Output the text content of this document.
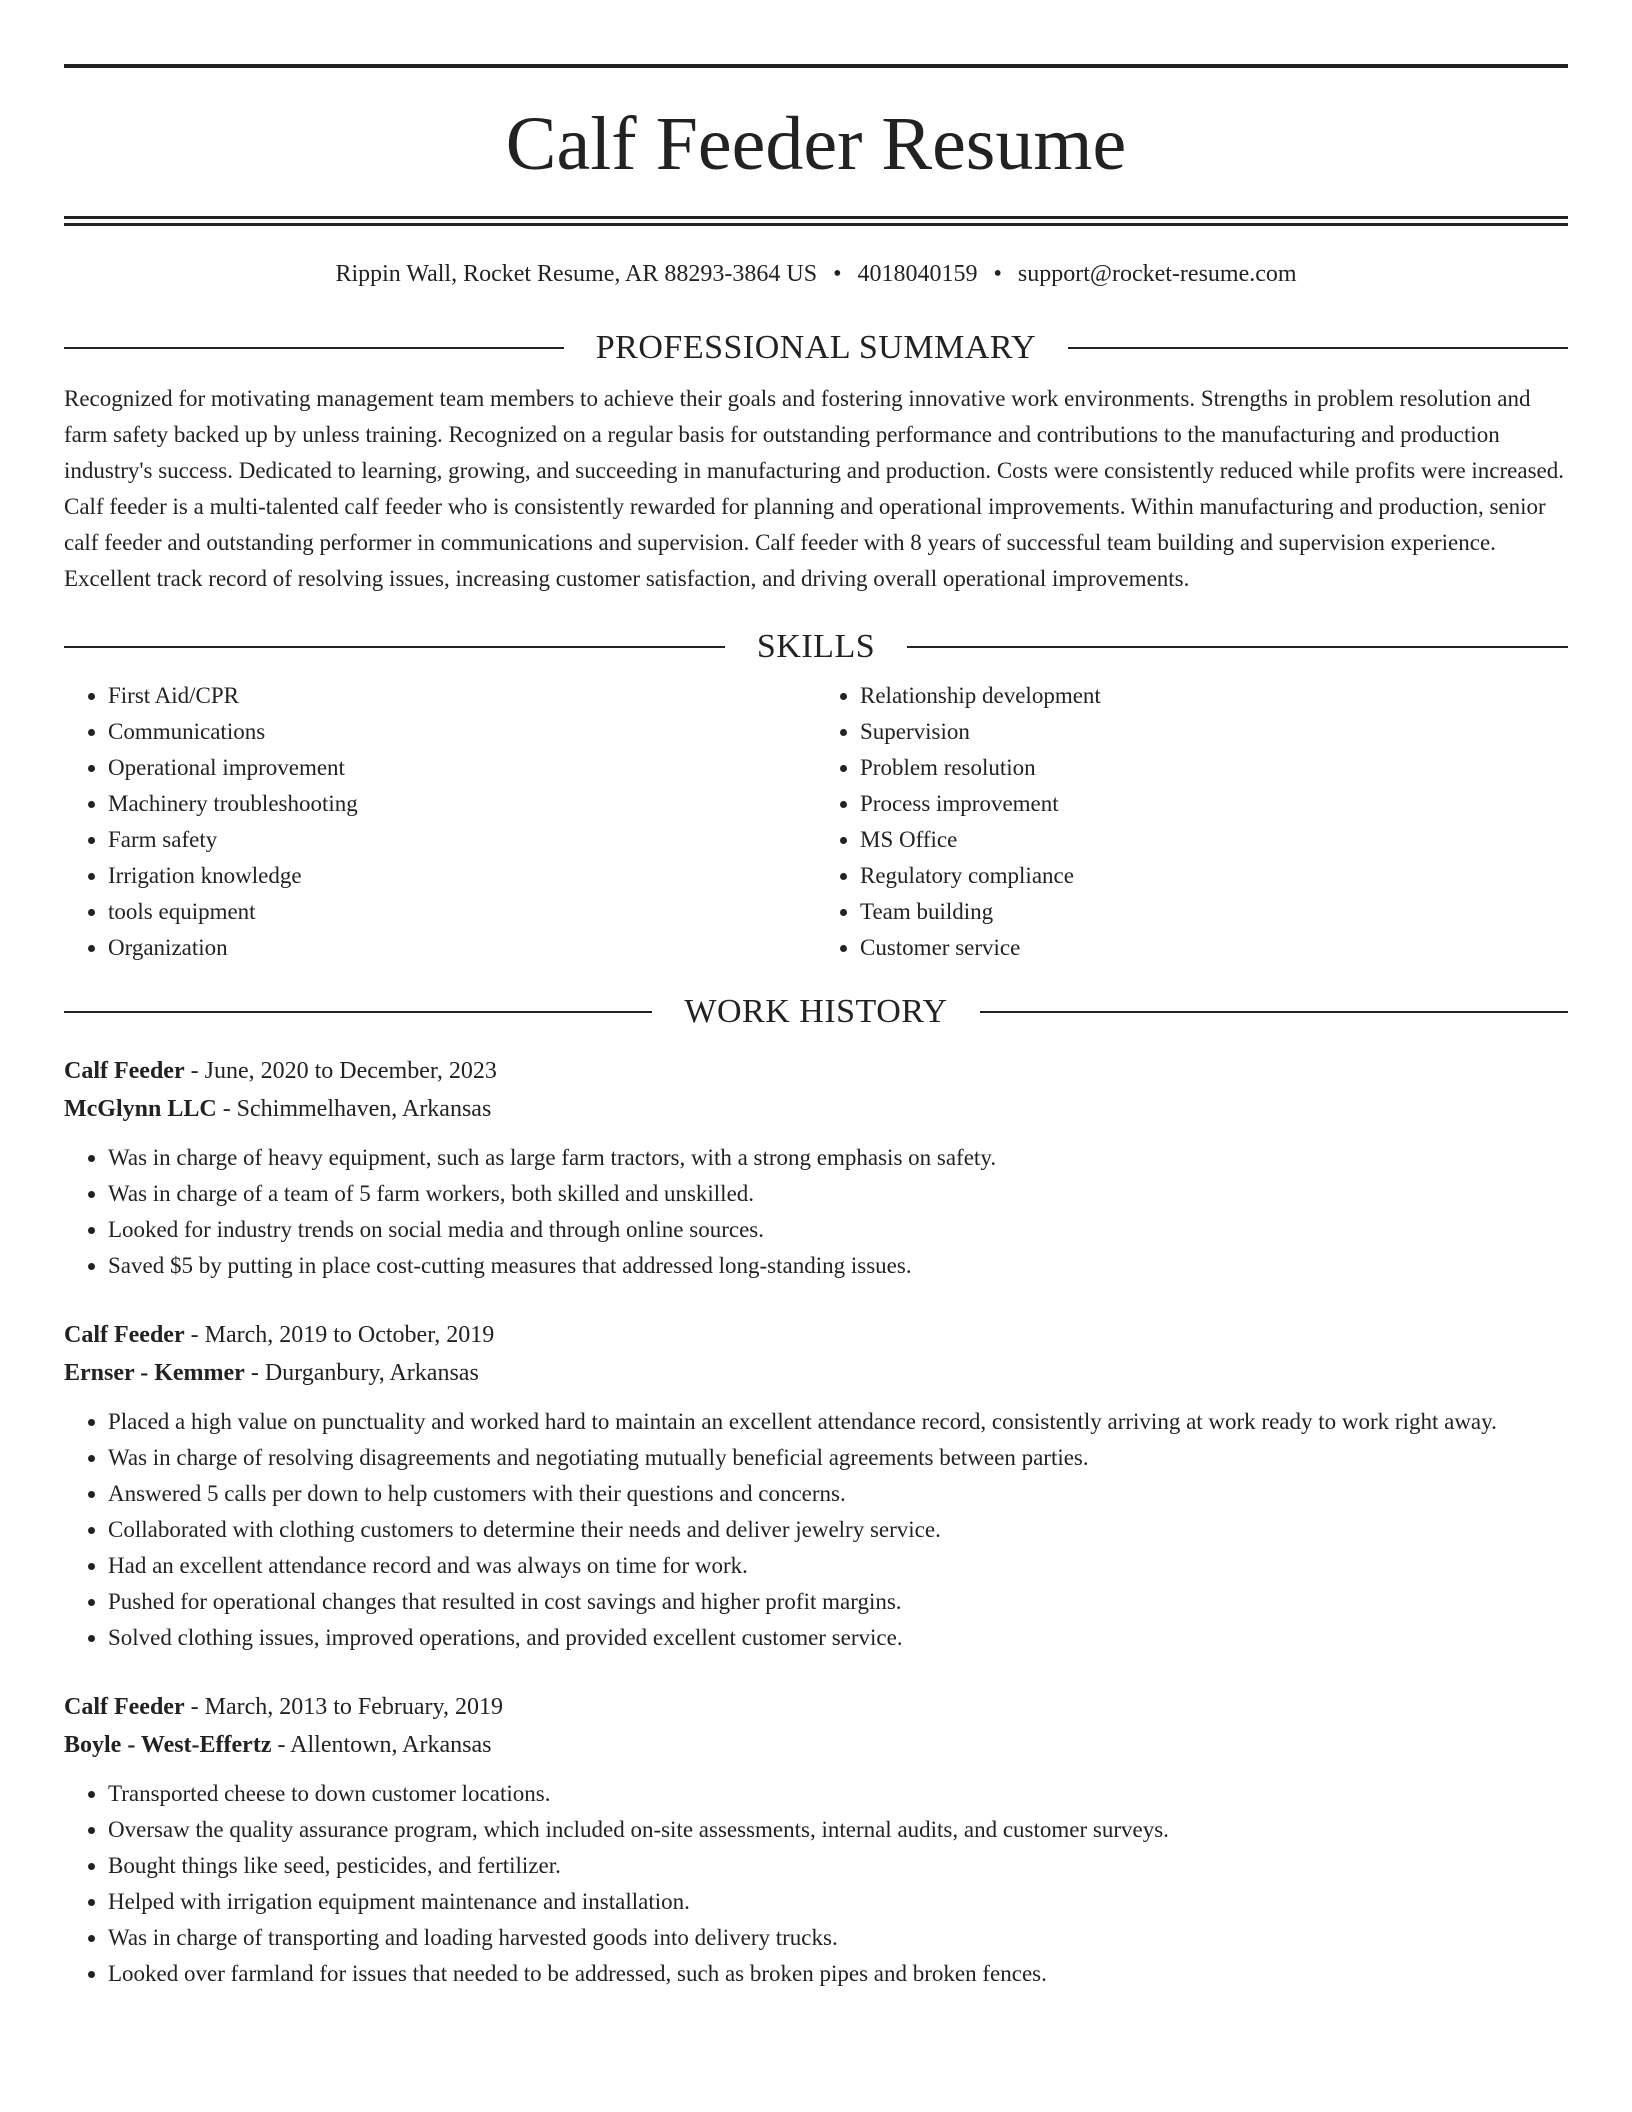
Calf Feeder Resume
Rippin Wall, Rocket Resume, AR 88293-3864 US • 4018040159 • support@rocket-resume.com
PROFESSIONAL SUMMARY
Recognized for motivating management team members to achieve their goals and fostering innovative work environments. Strengths in problem resolution and farm safety backed up by unless training. Recognized on a regular basis for outstanding performance and contributions to the manufacturing and production industry's success. Dedicated to learning, growing, and succeeding in manufacturing and production. Costs were consistently reduced while profits were increased. Calf feeder is a multi-talented calf feeder who is consistently rewarded for planning and operational improvements. Within manufacturing and production, senior calf feeder and outstanding performer in communications and supervision. Calf feeder with 8 years of successful team building and supervision experience. Excellent track record of resolving issues, increasing customer satisfaction, and driving overall operational improvements.
SKILLS
• First Aid/CPR
• Communications
• Operational improvement
• Machinery troubleshooting
• Farm safety
• Irrigation knowledge
• tools equipment
• Organization
• Relationship development
• Supervision
• Problem resolution
• Process improvement
• MS Office
• Regulatory compliance
• Team building
• Customer service
WORK HISTORY
Calf Feeder - June, 2020 to December, 2023
McGlynn LLC - Schimmelhaven, Arkansas
• Was in charge of heavy equipment, such as large farm tractors, with a strong emphasis on safety.
• Was in charge of a team of 5 farm workers, both skilled and unskilled.
• Looked for industry trends on social media and through online sources.
• Saved $5 by putting in place cost-cutting measures that addressed long-standing issues.
Calf Feeder - March, 2019 to October, 2019
Ernser - Kemmer - Durganbury, Arkansas
• Placed a high value on punctuality and worked hard to maintain an excellent attendance record, consistently arriving at work ready to work right away.
• Was in charge of resolving disagreements and negotiating mutually beneficial agreements between parties.
• Answered 5 calls per down to help customers with their questions and concerns.
• Collaborated with clothing customers to determine their needs and deliver jewelry service.
• Had an excellent attendance record and was always on time for work.
• Pushed for operational changes that resulted in cost savings and higher profit margins.
• Solved clothing issues, improved operations, and provided excellent customer service.
Calf Feeder - March, 2013 to February, 2019
Boyle - West-Effertz - Allentown, Arkansas
• Transported cheese to down customer locations.
• Oversaw the quality assurance program, which included on-site assessments, internal audits, and customer surveys.
• Bought things like seed, pesticides, and fertilizer.
• Helped with irrigation equipment maintenance and installation.
• Was in charge of transporting and loading harvested goods into delivery trucks.
• Looked over farmland for issues that needed to be addressed, such as broken pipes and broken fences.
